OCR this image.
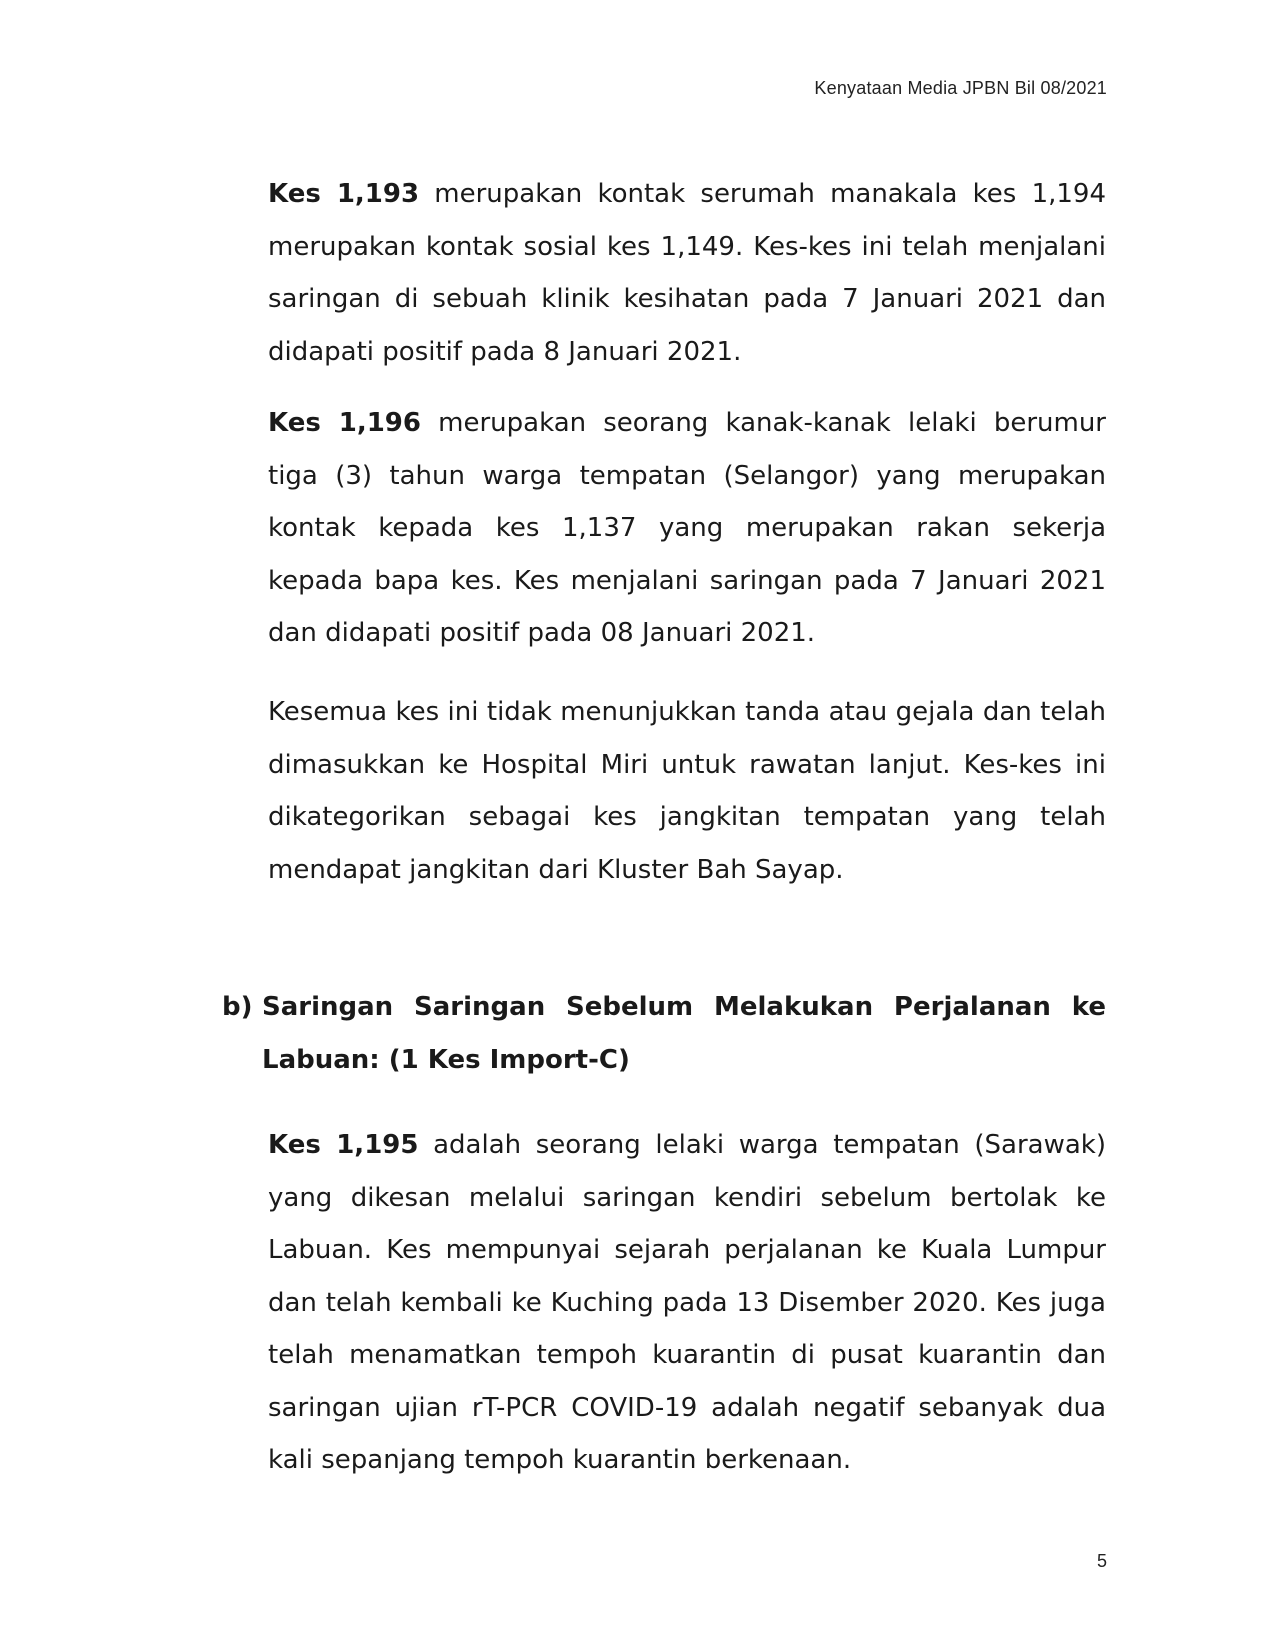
Kenyataan Media JPBN Bil 08/2021

Kes 1,193 merupakan kontak serumah manakala kes 1,194 merupakan kontak sosial kes 1,149. Kes-kes ini telah menjalani saringan di sebuah klinik kesihatan pada 7 Januari 2021 dan didapati positif pada 8 Januari 2021.

Kes 1,196 merupakan seorang kanak-kanak lelaki berumur tiga (3) tahun warga tempatan (Selangor) yang merupakan kontak kepada kes 1,137 yang merupakan rakan sekerja kepada bapa kes. Kes menjalani saringan pada 7 Januari 2021 dan didapati positif pada 08 Januari 2021.

Kesemua kes ini tidak menunjukkan tanda atau gejala dan telah dimasukkan ke Hospital Miri untuk rawatan lanjut. Kes-kes ini dikategorikan sebagai kes jangkitan tempatan yang telah mendapat jangkitan dari Kluster Bah Sayap.

b) Saringan Saringan Sebelum Melakukan Perjalanan ke Labuan: (1 Kes Import-C)

Kes 1,195 adalah seorang lelaki warga tempatan (Sarawak) yang dikesan melalui saringan kendiri sebelum bertolak ke Labuan. Kes mempunyai sejarah perjalanan ke Kuala Lumpur dan telah kembali ke Kuching pada 13 Disember 2020. Kes juga telah menamatkan tempoh kuarantin di pusat kuarantin dan saringan ujian rT-PCR COVID-19 adalah negatif sebanyak dua kali sepanjang tempoh kuarantin berkenaan.

5
